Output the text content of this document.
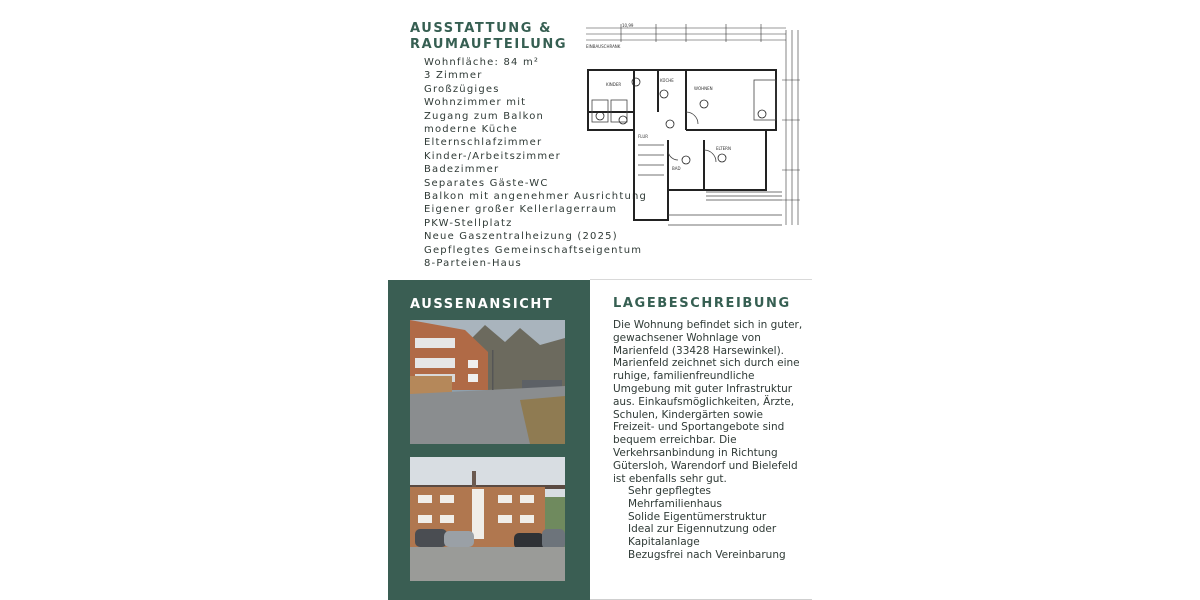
AUSSTATTUNG & RAUMAUFTEILUNG
Wohnfläche: 84 m²
3 Zimmer
Großzügiges Wohnzimmer mit Zugang zum Balkon
moderne Küche
Elternschlafzimmer
Kinder-/Arbeitszimmer
Badezimmer
Separates Gäste-WC
Balkon mit angenehmer Ausrichtung
Eigener großer Kellerlagerraum
PKW-Stellplatz
Neue Gaszentralheizung (2025)
Gepflegtes Gemeinschaftseigentum
8-Parteien-Haus
10,99
EINBAUSCHRANK
KINDER
WOHNEN
KÜCHE
BAD
FLUR
ELTERN
AUSSENANSICHT	LAGEBESCHREIBUNG

Die Wohnung befindet sich in guter, gewachsener Wohnlage von Marienfeld (33428 Harsewinkel). Marienfeld zeichnet sich durch eine ruhige, familienfreundliche Umgebung mit guter Infrastruktur aus. Einkaufsmöglichkeiten, Ärzte, Schulen, Kindergärten sowie Freizeit- und Sportangebote sind bequem erreichbar. Die Verkehrsanbindung in Richtung Gütersloh, Warendorf und Bielefeld ist ebenfalls sehr gut.

Sehr gepflegtes Mehrfamilienhaus
Solide Eigentümerstruktur
Ideal zur Eigennutzung oder Kapitalanlage
Bezugsfrei nach Vereinbarung
